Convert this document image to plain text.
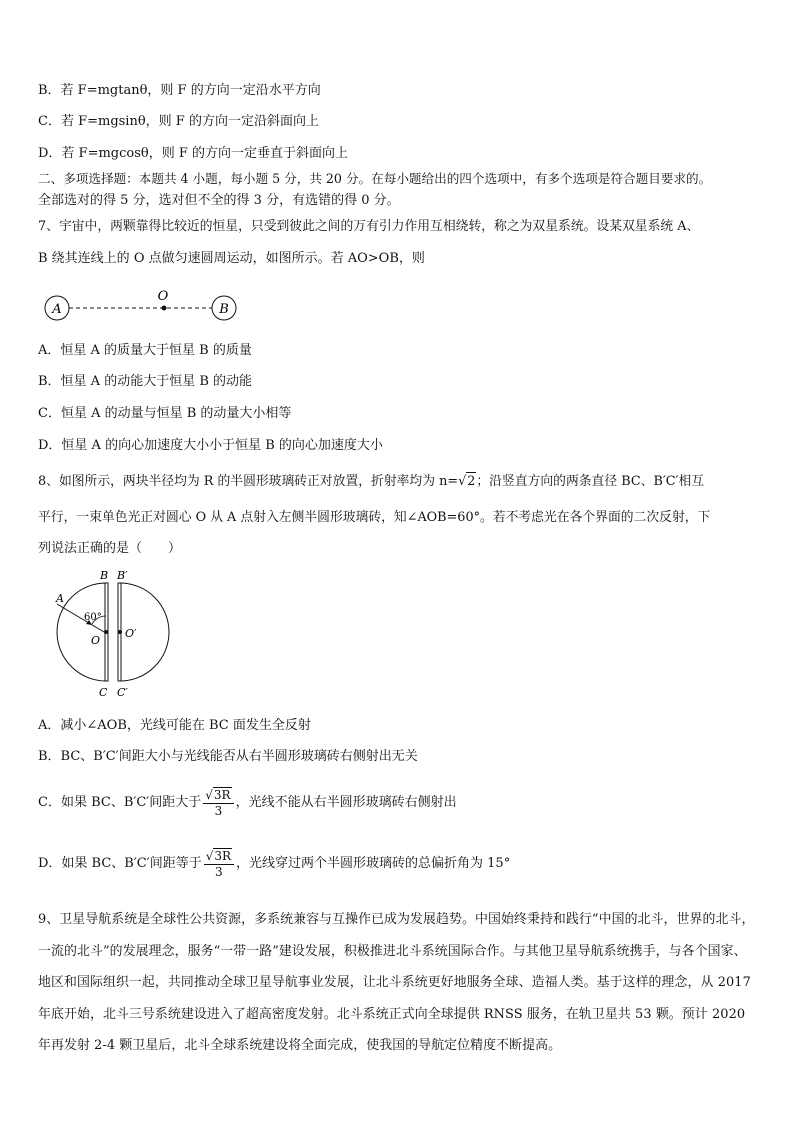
B．若 F=mgtanθ，则 F 的方向一定沿水平方向
C．若 F=mgsinθ，则 F 的方向一定沿斜面向上
D．若 F=mgcosθ，则 F 的方向一定垂直于斜面向上
二、多项选择题：本题共 4 小题，每小题 5 分，共 20 分。在每小题给出的四个选项中，有多个选项是符合题目要求的。
全部选对的得 5 分，选对但不全的得 3 分，有选错的得 0 分。
7、宇宙中，两颗靠得比较近的恒星，只受到彼此之间的万有引力作用互相绕转，称之为双星系统。设某双星系统 A、
B 绕其连线上的 O 点做匀速圆周运动，如图所示。若 AO>OB，则
A
O
B
A．恒星 A 的质量大于恒星 B 的质量
B．恒星 A 的动能大于恒星 B 的动能
C．恒星 A 的动量与恒星 B 的动量大小相等
D．恒星 A 的向心加速度大小小于恒星 B 的向心加速度大小
8、如图所示，两块半径均为 R 的半圆形玻璃砖正对放置，折射率均为 n=√2；沿竖直方向的两条直径 BC、B′C′相互
平行，一束单色光正对圆心 O 从 A 点射入左侧半圆形玻璃砖，知∠AOB=60°。若不考虑光在各个界面的二次反射，下
列说法正确的是（　　）
B B′
A
60°
O
O′
C C′
A．减小∠AOB，光线可能在 BC 面发生全反射
B．BC、B′C′间距大小与光线能否从右半圆形玻璃砖右侧射出无关
C．如果 BC、B′C′间距大于 $\frac{√3R}{3}$ ，光线不能从右半圆形玻璃砖右侧射出
D．如果 BC、B′C′间距等于 $\frac{√3R}{3}$ ，光线穿过两个半圆形玻璃砖的总偏折角为 15°
9、卫星导航系统是全球性公共资源，多系统兼容与互操作已成为发展趋势。中国始终秉持和践行“中国的北斗，世界的北斗，一流的北斗”的发展理念，服务“一带一路”建设发展，积极推进北斗系统国际合作。与其他卫星导航系统携手，与各个国家、地区和国际组织一起，共同推动全球卫星导航事业发展，让北斗系统更好地服务全球、造福人类。基于这样的理念，从 2017 年底开始，北斗三号系统建设进入了超高密度发射。北斗系统正式向全球提供 RNSS 服务，在轨卫星共 53 颗。预计 2020 年再发射 2-4 颗卫星后，北斗全球系统建设将全面完成，使我国的导航定位精度不断提高。
